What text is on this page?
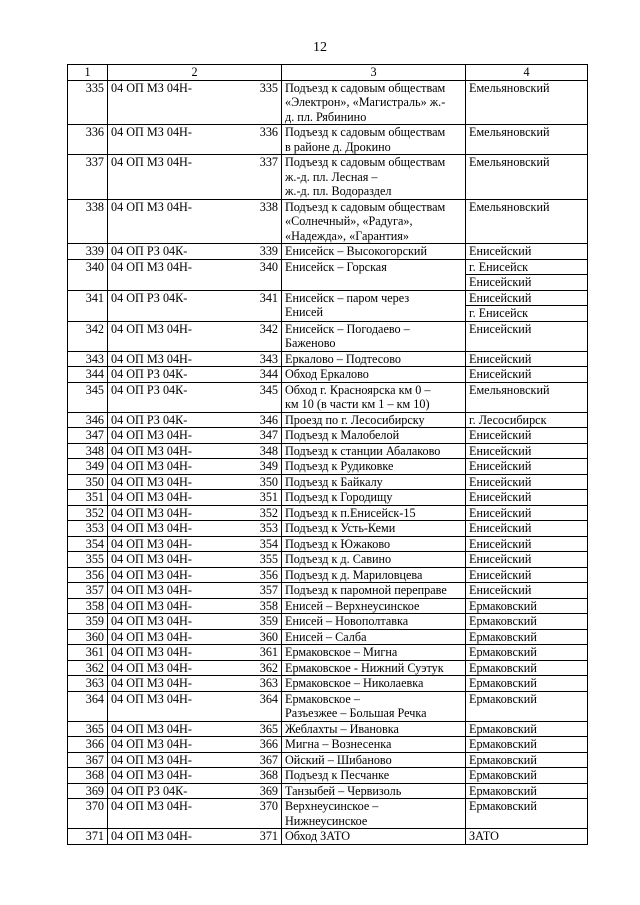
12
1	2		3	4
335	04 ОП МЗ 04Н-	335	Подъезд к садовым обществам
«Электрон», «Магистраль» ж.-
д. пл. Рябинино	Емельяновский

336	04 ОП МЗ 04Н-	336	Подъезд к садовым обществам
в районе д. Дрокино	Емельяновский

337	04 ОП МЗ 04Н-	337	Подъезд к садовым обществам
ж.-д. пл. Лесная –
ж.-д. пл. Водораздел	Емельяновский

338	04 ОП МЗ 04Н-	338	Подъезд к садовым обществам
«Солнечный», «Радуга»,
«Надежда», «Гарантия»	Емельяновский

339	04 ОП РЗ 04К-	339	Енисейск – Высокогорский	Енисейский

340	04 ОП МЗ 04Н-	340	Енисейск – Горская	г. Енисейск
Енисейский

341	04 ОП РЗ 04К-	341	Енисейск – паром через
Енисей	Енисейский
г. Енисейск

342	04 ОП МЗ 04Н-	342	Енисейск – Погодаево –
Баженово	Енисейский

343	04 ОП МЗ 04Н-	343	Еркалово – Подтесово	Енисейский

344	04 ОП РЗ 04К-	344	Обход Еркалово	Енисейский

345	04 ОП РЗ 04К-	345	Обход г. Красноярска км 0 –
км 10 (в части км 1 – км 10)	Емельяновский

346	04 ОП РЗ 04К-	346	Проезд по г. Лесосибирску	г. Лесосибирск

347	04 ОП МЗ 04Н-	347	Подъезд к Малобелой	Енисейский

348	04 ОП МЗ 04Н-	348	Подъезд к станции Абалаково	Енисейский

349	04 ОП МЗ 04Н-	349	Подъезд к Рудиковке	Енисейский

350	04 ОП МЗ 04Н-	350	Подъезд к Байкалу	Енисейский

351	04 ОП МЗ 04Н-	351	Подъезд к Городищу	Енисейский

352	04 ОП МЗ 04Н-	352	Подъезд к п.Енисейск-15	Енисейский

353	04 ОП МЗ 04Н-	353	Подъезд к Усть-Кеми	Енисейский

354	04 ОП МЗ 04Н-	354	Подъезд к Южаково	Енисейский

355	04 ОП МЗ 04Н-	355	Подъезд к д. Савино	Енисейский

356	04 ОП МЗ 04Н-	356	Подъезд к д. Мариловцева	Енисейский

357	04 ОП МЗ 04Н-	357	Подъезд к паромной переправе	Енисейский

358	04 ОП МЗ 04Н-	358	Енисей – Верхнеусинское	Ермаковский

359	04 ОП МЗ 04Н-	359	Енисей – Новополтавка	Ермаковский

360	04 ОП МЗ 04Н-	360	Енисей – Салба	Ермаковский

361	04 ОП МЗ 04Н-	361	Ермаковское – Мигна	Ермаковский

362	04 ОП МЗ 04Н-	362	Ермаковское - Нижний Суэтук	Ермаковский

363	04 ОП МЗ 04Н-	363	Ермаковское – Николаевка	Ермаковский

364	04 ОП МЗ 04Н-	364	Ермаковское –
Разъезжее – Большая Речка	Ермаковский

365	04 ОП МЗ 04Н-	365	Жеблахты – Ивановка	Ермаковский

366	04 ОП МЗ 04Н-	366	Мигна – Вознесенка	Ермаковский

367	04 ОП МЗ 04Н-	367	Ойский – Шибаново	Ермаковский

368	04 ОП МЗ 04Н-	368	Подъезд к Песчанке	Ермаковский

369	04 ОП РЗ 04К-	369	Танзыбей – Червизоль	Ермаковский

370	04 ОП МЗ 04Н-	370	Верхнеусинское –
Нижнеусинское	Ермаковский

371	04 ОП МЗ 04Н-	371	Обход ЗАТО	ЗАТО
